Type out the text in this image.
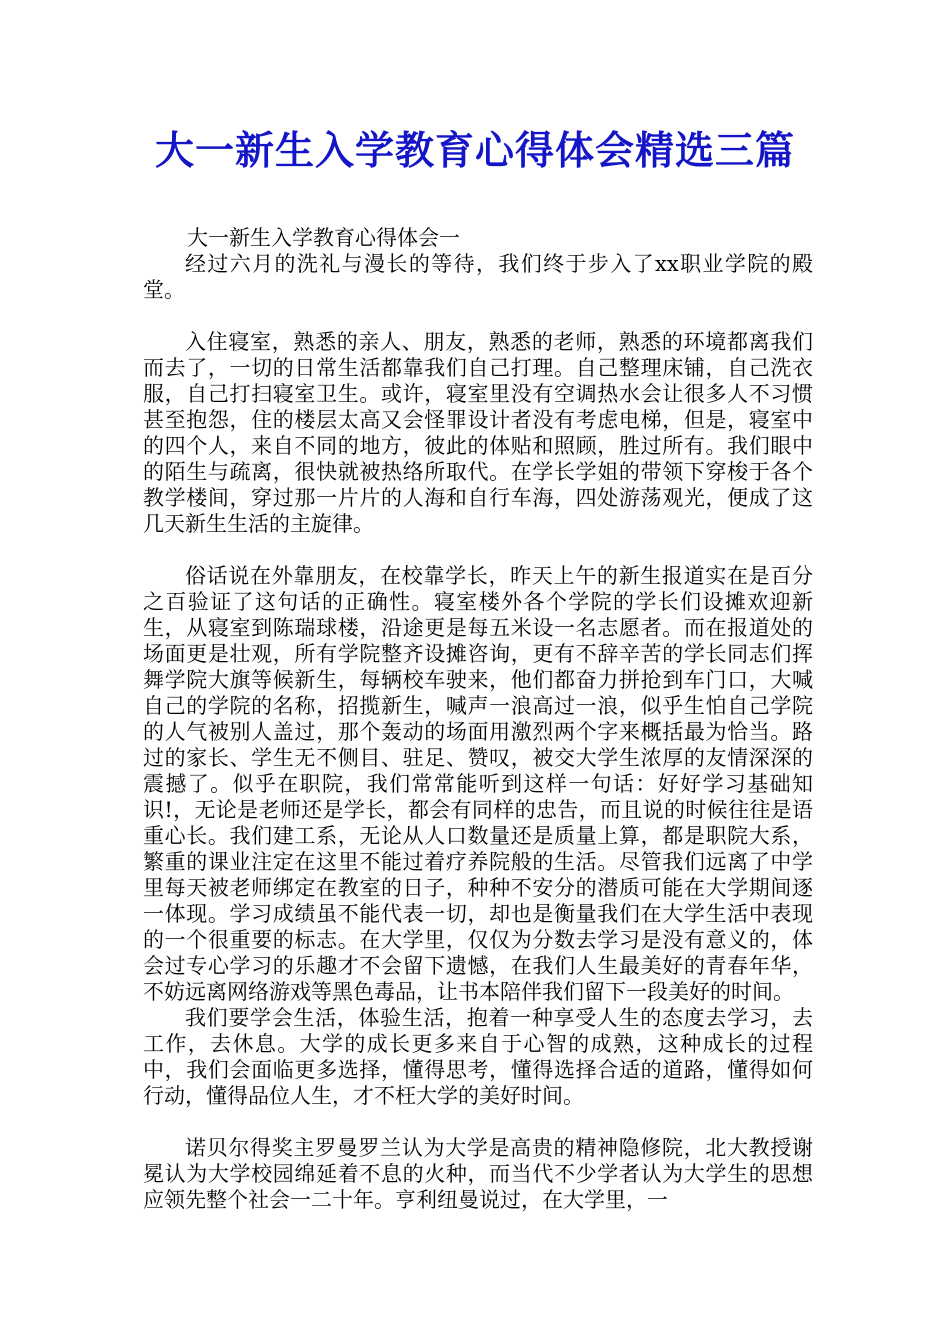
大一新生入学教育心得体会精选三篇
大一新生入学教育心得体会一

经过六月的洗礼与漫长的等待，我们终于步入了xx职业学院的殿堂。

入住寝室，熟悉的亲人、朋友，熟悉的老师，熟悉的环境都离我们而去了，一切的日常生活都靠我们自己打理。自己整理床铺，自己洗衣服，自己打扫寝室卫生。或许，寝室里没有空调热水会让很多人不习惯甚至抱怨，住的楼层太高又会怪罪设计者没有考虑电梯，但是，寝室中的四个人，来自不同的地方，彼此的体贴和照顾，胜过所有。我们眼中的陌生与疏离，很快就被热络所取代。在学长学姐的带领下穿梭于各个教学楼间，穿过那一片片的人海和自行车海，四处游荡观光，便成了这几天新生生活的主旋律。

俗话说在外靠朋友，在校靠学长，昨天上午的新生报道实在是百分之百验证了这句话的正确性。寝室楼外各个学院的学长们设摊欢迎新生，从寝室到陈瑞球楼，沿途更是每五米设一名志愿者。而在报道处的场面更是壮观，所有学院整齐设摊咨询，更有不辞辛苦的学长同志们挥舞学院大旗等候新生，每辆校车驶来，他们都奋力拼抢到车门口，大喊自己的学院的名称，招揽新生，喊声一浪高过一浪，似乎生怕自己学院的人气被别人盖过，那个轰动的场面用激烈两个字来概括最为恰当。路过的家长、学生无不侧目、驻足、赞叹，被交大学生浓厚的友情深深的震撼了。似乎在职院，我们常常能听到这样一句话：好好学习基础知识!，无论是老师还是学长，都会有同样的忠告，而且说的时候往往是语重心长。我们建工系，无论从人口数量还是质量上算，都是职院大系，繁重的课业注定在这里不能过着疗养院般的生活。尽管我们远离了中学里每天被老师绑定在教室的日子，种种不安分的潜质可能在大学期间逐一体现。学习成绩虽不能代表一切，却也是衡量我们在大学生活中表现的一个很重要的标志。在大学里，仅仅为分数去学习是没有意义的，体会过专心学习的乐趣才不会留下遗憾，在我们人生最美好的青春年华，不妨远离网络游戏等黑色毒品，让书本陪伴我们留下一段美好的时间。

我们要学会生活，体验生活，抱着一种享受人生的态度去学习，去工作，去休息。大学的成长更多来自于心智的成熟，这种成长的过程中，我们会面临更多选择，懂得思考，懂得选择合适的道路，懂得如何行动，懂得品位人生，才不枉大学的美好时间。

诺贝尔得奖主罗曼罗兰认为大学是高贵的精神隐修院，北大教授谢冕认为大学校园绵延着不息的火种，而当代不少学者认为大学生的思想应领先整个社会一二十年。亨利纽曼说过，在大学里，一
